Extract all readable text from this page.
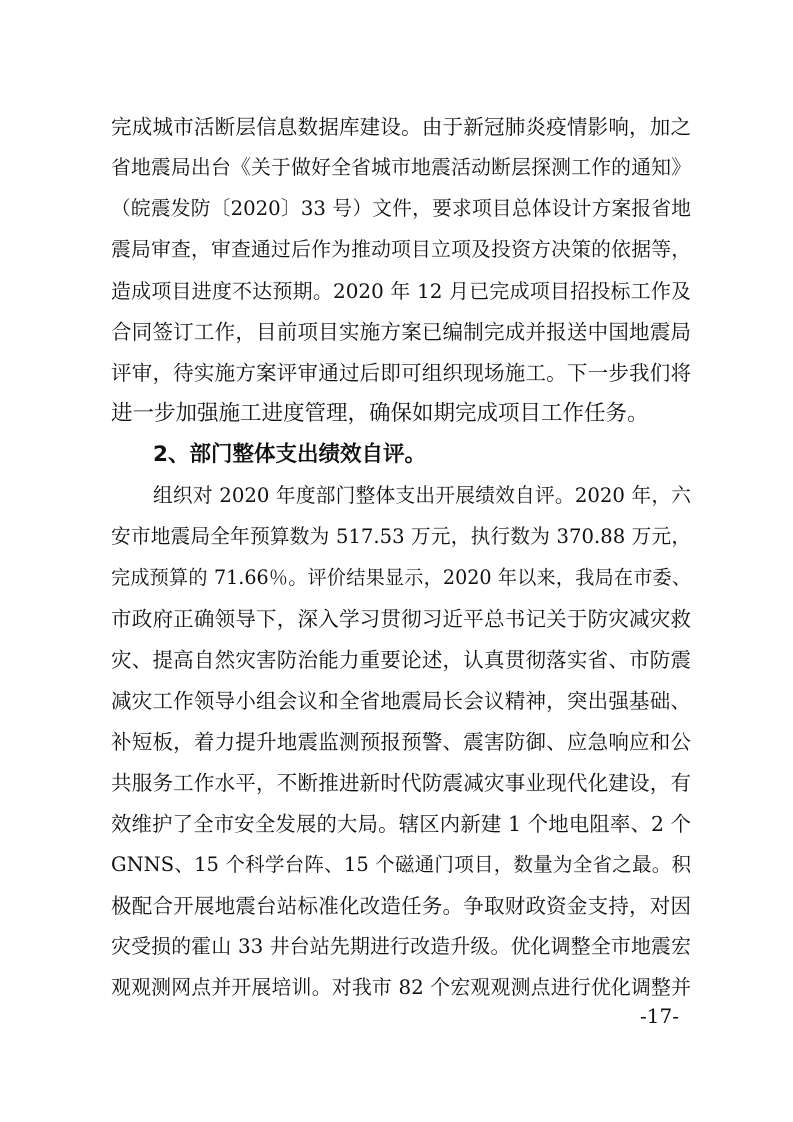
完成城市活断层信息数据库建设。由于新冠肺炎疫情影响，加之
省地震局出台《关于做好全省城市地震活动断层探测工作的通知》
（皖震发防〔2020〕33 号）文件，要求项目总体设计方案报省地
震局审查，审查通过后作为推动项目立项及投资方决策的依据等，
造成项目进度不达预期。2020 年 12 月已完成项目招投标工作及
合同签订工作，目前项目实施方案已编制完成并报送中国地震局
评审，待实施方案评审通过后即可组织现场施工。下一步我们将
进一步加强施工进度管理，确保如期完成项目工作任务。
2、部门整体支出绩效自评。
组织对 2020 年度部门整体支出开展绩效自评。2020 年，六
安市地震局全年预算数为 517.53 万元，执行数为 370.88 万元，
完成预算的 71.66％。评价结果显示，2020 年以来，我局在市委、
市政府正确领导下，深入学习贯彻习近平总书记关于防灾减灾救
灾、提高自然灾害防治能力重要论述，认真贯彻落实省、市防震
减灾工作领导小组会议和全省地震局长会议精神，突出强基础、
补短板，着力提升地震监测预报预警、震害防御、应急响应和公
共服务工作水平，不断推进新时代防震减灾事业现代化建设，有
效维护了全市安全发展的大局。辖区内新建 1 个地电阻率、2 个
GNNS、15 个科学台阵、15 个磁通门项目，数量为全省之最。积
极配合开展地震台站标准化改造任务。争取财政资金支持，对因
灾受损的霍山 33 井台站先期进行改造升级。优化调整全市地震宏
观观测网点并开展培训。对我市 82 个宏观观测点进行优化调整并
-17-
